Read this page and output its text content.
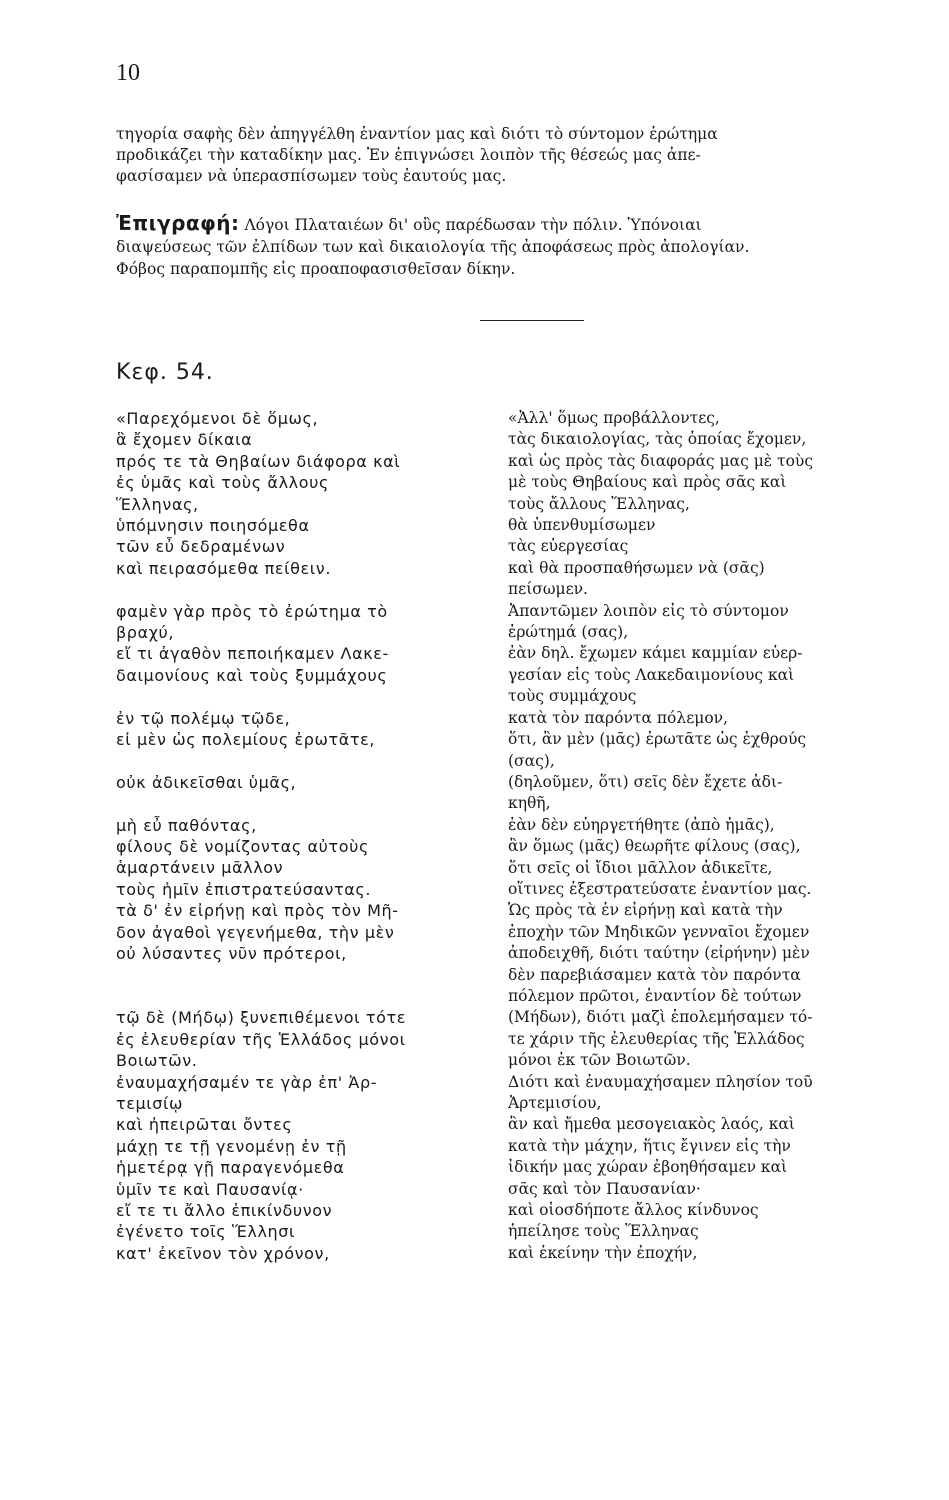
10
τηγορία σαφὴς δὲν ἀπηγγέλθη ἐναντίον μας καὶ διότι τὸ σύντομον ἐρώτημα
προδικάζει τὴν καταδίκην μας. Ἐν ἐπιγνώσει λοιπὸν τῆς θέσεώς μας ἀπε-
φασίσαμεν νὰ ὑπερασπίσωμεν τοὺς ἑαυτούς μας.
Ἐπιγραφή: Λόγοι Πλαταιέων δι' οὓς παρέδωσαν τὴν πόλιν. Ὑπόνοιαι
διαψεύσεως τῶν ἐλπίδων των καὶ δικαιολογία τῆς ἀποφάσεως πρὸς ἀπολογίαν.
Φόβος παραπομπῆς εἰς προαποφασισθεῖσαν δίκην.
Κεφ. 54.
«Παρεχόμενοι δὲ ὅμως,
ἃ ἔχομεν δίκαια
πρός τε τὰ Θηβαίων διάφορα καὶ
ἐς ὑμᾶς καὶ τοὺς ἄλλους
Ἕλληνας,
ὑπόμνησιν ποιησόμεθα
τῶν εὖ δεδραμένων
καὶ πειρασόμεθα πείθειν.
φαμὲν γὰρ πρὸς τὸ ἐρώτημα τὸ
βραχύ,
εἴ τι ἀγαθὸν πεποιήκαμεν Λακε-
δαιμονίους καὶ τοὺς ξυμμάχους
ἐν τῷ πολέμῳ τῷδε,
εἰ μὲν ὡς πολεμίους ἐρωτᾶτε,
οὐκ ἀδικεῖσθαι ὑμᾶς,
μὴ εὖ παθόντας,
φίλους δὲ νομίζοντας αὐτοὺς
ἁμαρτάνειν μᾶλλον
τοὺς ἡμῖν ἐπιστρατεύσαντας.
τὰ δ' ἐν εἰρήνῃ καὶ πρὸς τὸν Μῆ-
δον ἀγαθοὶ γεγενήμεθα, τὴν μὲν
οὐ λύσαντες νῦν πρότεροι,
τῷ δὲ (Μήδῳ) ξυνεπιθέμενοι τότε
ἐς ἐλευθερίαν τῆς Ἑλλάδος μόνοι
Βοιωτῶν.
ἐναυμαχήσαμέν τε γὰρ ἐπ' Ἀρ-
τεμισίῳ
καὶ ἠπειρῶται ὄντες
μάχῃ τε τῇ γενομένῃ ἐν τῇ
ἡμετέρᾳ γῇ παραγενόμεθα
ὑμῖν τε καὶ Παυσανίᾳ·
εἴ τε τι ἄλλο ἐπικίνδυνον
ἐγένετο τοῖς Ἕλλησι
κατ' ἐκεῖνον τὸν χρόνον,
«Ἀλλ' ὅμως προβάλλοντες,
τὰς δικαιολογίας, τὰς ὁποίας ἔχομεν,
καὶ ὡς πρὸς τὰς διαφοράς μας μὲ τοὺς
μὲ τοὺς Θηβαίους καὶ πρὸς σᾶς καὶ
τοὺς ἄλλους Ἕλληνας,
θὰ ὑπενθυμίσωμεν
τὰς εὐεργεσίας
καὶ θὰ προσπαθήσωμεν νὰ (σᾶς)
πείσωμεν.
Ἀπαντῶμεν λοιπὸν εἰς τὸ σύντομον
ἐρώτημά (σας),
ἐὰν δηλ. ἔχωμεν κάμει καμμίαν εὐερ-
γεσίαν εἰς τοὺς Λακεδαιμονίους καὶ
τοὺς συμμάχους
κατὰ τὸν παρόντα πόλεμον,
ὅτι, ἂν μὲν (μᾶς) ἐρωτᾶτε ὡς ἐχθρούς
(σας),
(δηλοῦμεν, ὅτι) σεῖς δὲν ἔχετε ἀδι-
κηθῆ,
ἐὰν δὲν εὐηργετήθητε (ἀπὸ ἡμᾶς),
ἂν ὅμως (μᾶς) θεωρῆτε φίλους (σας),
ὅτι σεῖς οἱ ἴδιοι μᾶλλον ἀδικεῖτε,
οἵτινες ἐξεστρατεύσατε ἐναντίον μας.
Ὡς πρὸς τὰ ἐν εἰρήνῃ καὶ κατὰ τὴν
ἐποχὴν τῶν Μηδικῶν γενναῖοι ἔχομεν
ἀποδειχθῆ, διότι ταύτην (εἰρήνην) μὲν
δὲν παρεβιάσαμεν κατὰ τὸν παρόντα
πόλεμον πρῶτοι, ἐναντίον δὲ τούτων
(Μήδων), διότι μαζὶ ἐπολεμήσαμεν τό-
τε χάριν τῆς ἐλευθερίας τῆς Ἑλλάδος
μόνοι ἐκ τῶν Βοιωτῶν.
Διότι καὶ ἐναυμαχήσαμεν πλησίον τοῦ
Ἀρτεμισίου,
ἂν καὶ ἤμεθα μεσογειακὸς λαός, καὶ
κατὰ τὴν μάχην, ἥτις ἔγινεν εἰς τὴν
ἰδικήν μας χώραν ἐβοηθήσαμεν καὶ
σᾶς καὶ τὸν Παυσανίαν·
καὶ οἱοσδήποτε ἄλλος κίνδυνος
ἠπείλησε τοὺς Ἕλληνας
καὶ ἐκείνην τὴν ἐποχήν,
